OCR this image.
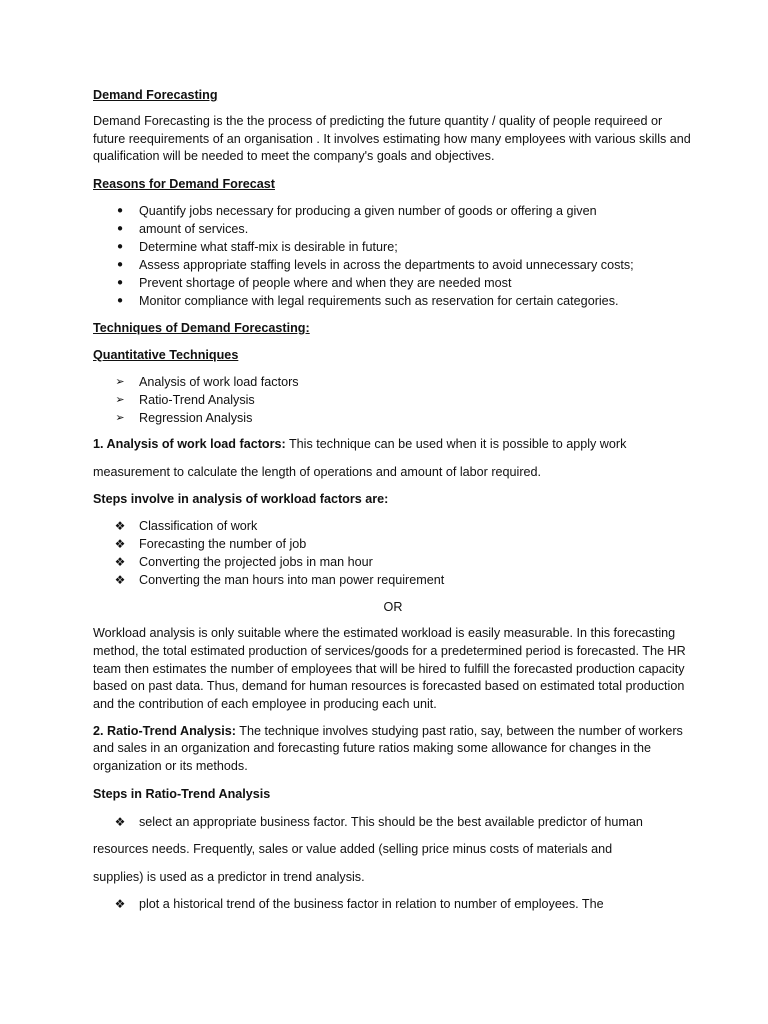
Demand Forecasting

Demand Forecasting is the the process of predicting the future quantity / quality of people requireed or future reequirements of an organisation . It involves estimating how many employees with various skills and qualification will be needed to meet the company's goals and objectives.

Reasons for Demand Forecast

• Quantify jobs necessary for producing a given number of goods or offering a given
• amount of services.
• Determine what staff-mix is desirable in future;
• Assess appropriate staffing levels in across the departments to avoid unnecessary costs;
• Prevent shortage of people where and when they are needed most
• Monitor compliance with legal requirements such as reservation for certain categories.

Techniques of Demand Forecasting:

Quantitative Techniques

➢ Analysis of work load factors
➢ Ratio-Trend Analysis
➢ Regression Analysis

1. Analysis of work load factors: This technique can be used when it is possible to apply work
measurement to calculate the length of operations and amount of labor required.

Steps involve in analysis of workload factors are:

❖ Classification of work
❖ Forecasting the number of job
❖ Converting the projected jobs in man hour
❖ Converting the man hours into man power requirement

OR

Workload analysis is only suitable where the estimated workload is easily measurable. In this forecasting method, the total estimated production of services/goods for a predetermined period is forecasted. The HR team then estimates the number of employees that will be hired to fulfill the forecasted production capacity based on past data. Thus, demand for human resources is forecasted based on estimated total production and the contribution of each employee in producing each unit.

2. Ratio-Trend Analysis: The technique involves studying past ratio, say, between the number of workers and sales in an organization and forecasting future ratios making some allowance for changes in the organization or its methods.

Steps in Ratio-Trend Analysis

❖ select an appropriate business factor. This should be the best available predictor of human

resources needs. Frequently, sales or value added (selling price minus costs of materials and

supplies) is used as a predictor in trend analysis.

❖ plot a historical trend of the business factor in relation to number of employees. The
